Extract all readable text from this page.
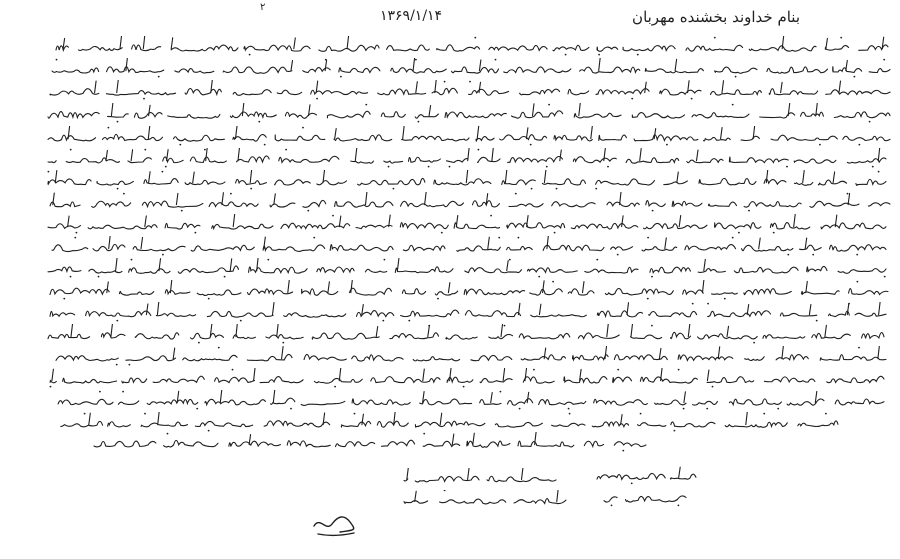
۲
۱۳۶۹/۱/۱۴	بنام خداوند بخشنده مهربان
